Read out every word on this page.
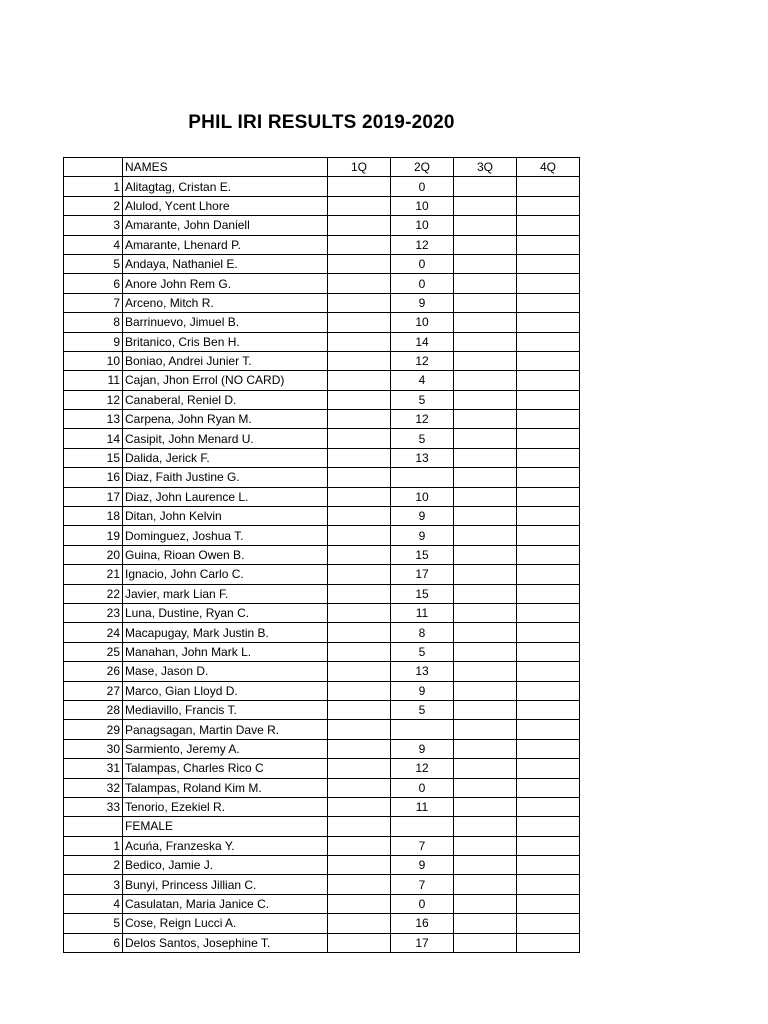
PHIL IRI RESULTS 2019-2020
	NAMES	1Q	2Q	3Q	4Q
1	Alitagtag, Cristan E.		0		
2	Alulod, Ycent Lhore		10		
3	Amarante, John Daniell		10		
4	Amarante, Lhenard P.		12		
5	Andaya, Nathaniel E.		0		
6	Anore John Rem G.		0		
7	Arceno, Mitch R.		9		
8	Barrinuevo, Jimuel B.		10		
9	Britanico, Cris Ben H.		14		
10	Boniao, Andrei Junier T.		12		
11	Cajan, Jhon Errol (NO CARD)		4		
12	Canaberal, Reniel D.		5		
13	Carpena, John Ryan M.		12		
14	Casipit, John Menard U.		5		
15	Dalida, Jerick F.		13		
16	Diaz, Faith Justine G.				
17	Diaz, John Laurence L.		10		
18	Ditan, John Kelvin		9		
19	Dominguez, Joshua T.		9		
20	Guina, Rioan Owen B.		15		
21	Ignacio, John Carlo C.		17		
22	Javier, mark Lian F.		15		
23	Luna, Dustine, Ryan C.		11		
24	Macapugay, Mark Justin B.		8		
25	Manahan, John Mark L.		5		
26	Mase, Jason D.		13		
27	Marco, Gian Lloyd D.		9		
28	Mediavillo, Francis T.		5		
29	Panagsagan, Martin Dave R.				
30	Sarmiento, Jeremy A.		9		
31	Talampas, Charles Rico C		12		
32	Talampas, Roland Kim M.		0		
33	Tenorio, Ezekiel R.		11		
	FEMALE				
1	Acuńa, Franzeska Y.		7		
2	Bedico, Jamie J.		9		
3	Bunyi, Princess Jillian C.		7		
4	Casulatan, Maria Janice C.		0		
5	Cose, Reign Lucci A.		16		
6	Delos Santos, Josephine T.		17		
